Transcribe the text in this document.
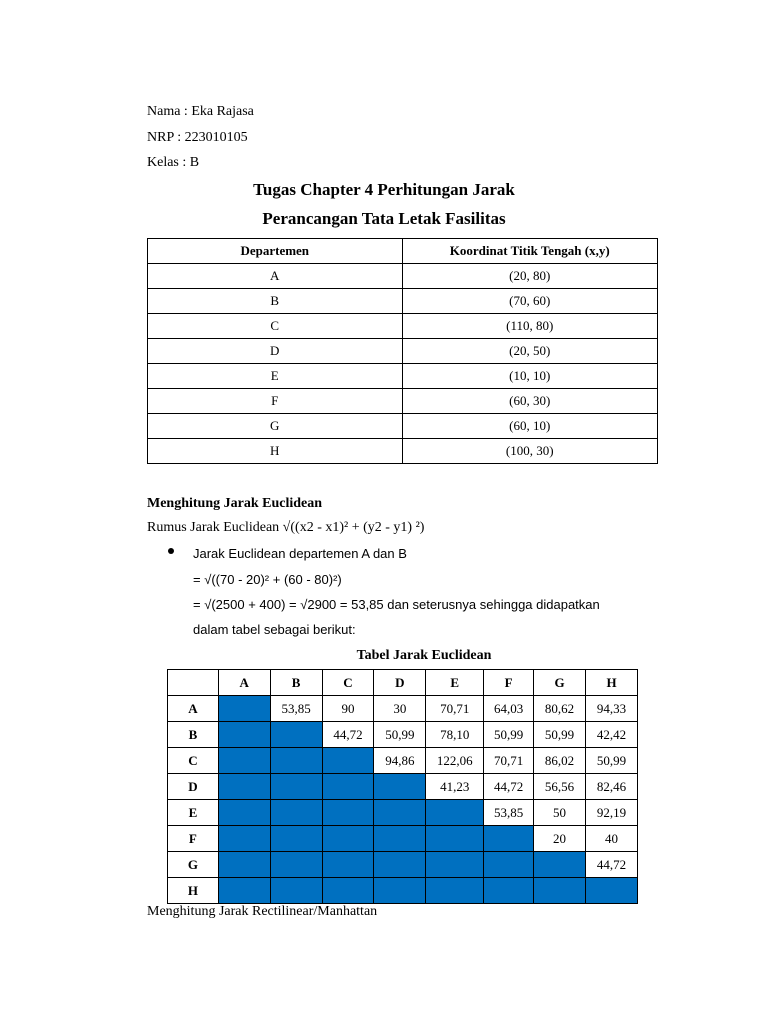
Nama : Eka Rajasa
NRP : 223010105
Kelas : B
Tugas Chapter 4 Perhitungan Jarak
Perancangan Tata Letak Fasilitas
Departemen	Koordinat Titik Tengah (x,y)
A	(20, 80)
B	(70, 60)
C	(110, 80)
D	(20, 50)
E	(10, 10)
F	(60, 30)
G	(60, 10)
H	(100, 30)
Menghitung Jarak Euclidean
Rumus Jarak Euclidean √((x2 - x1)² + (y2 - y1) ²)
Jarak Euclidean departemen A dan B
= √((70 - 20)² + (60 - 80)²)
= √(2500 + 400) = √2900 = 53,85 dan seterusnya sehingga didapatkan
dalam tabel sebagai berikut:
Tabel Jarak Euclidean
	A	B	C	D	E	F	G	H
A		53,85	90	30	70,71	64,03	80,62	94,33
B			44,72	50,99	78,10	50,99	50,99	42,42
C				94,86	122,06	70,71	86,02	50,99
D					41,23	44,72	56,56	82,46
E						53,85	50	92,19
F							20	40
G								44,72
H								
Menghitung Jarak Rectilinear/Manhattan
